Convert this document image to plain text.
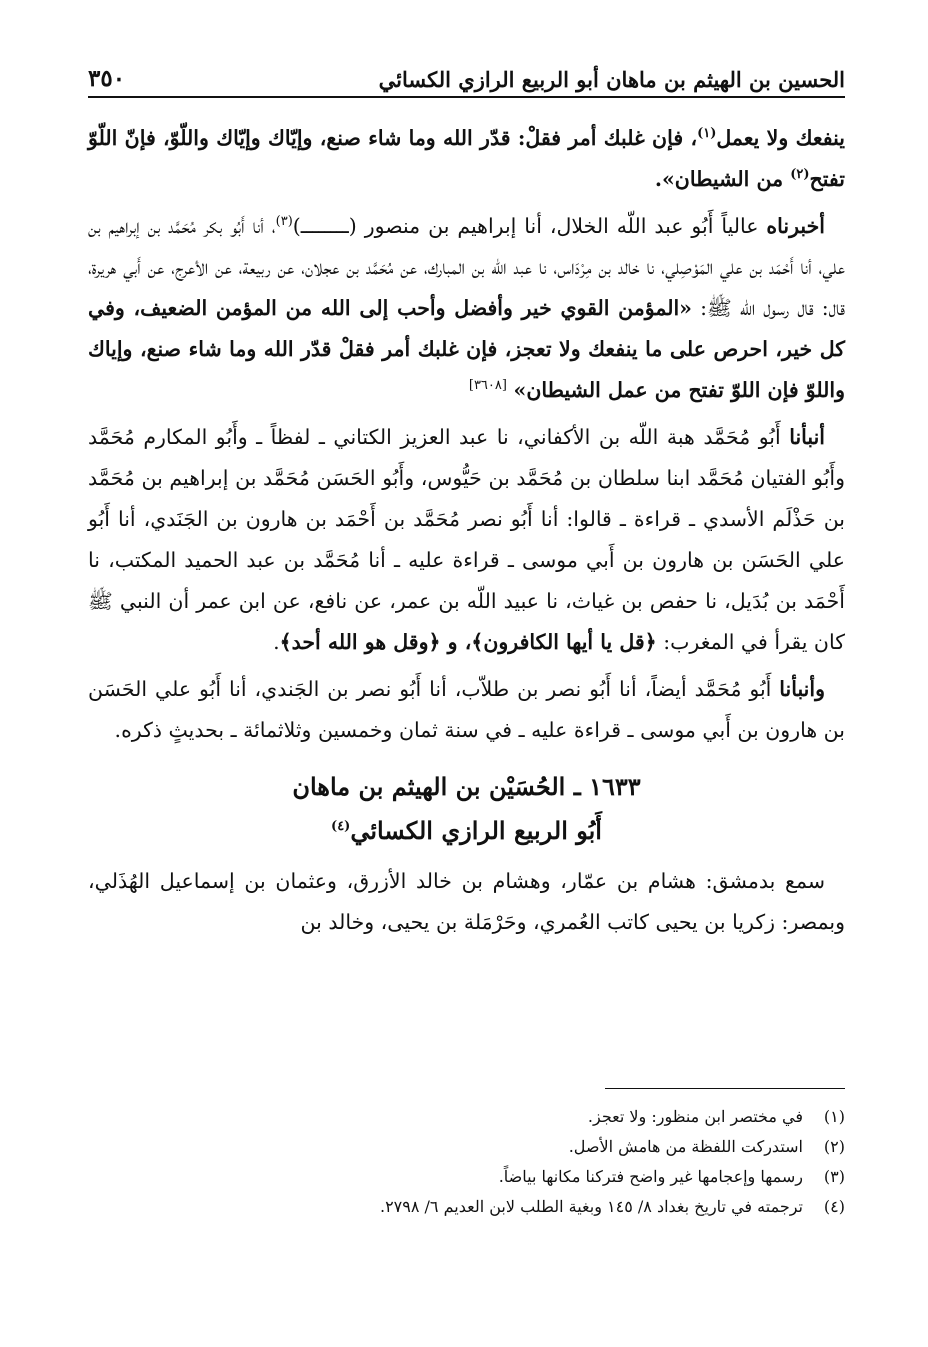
الحسين بن الهيثم بن ماهان أبو الربيع الرازي الكسائي
٣٥٠

ينفعك ولا يعمل$^{(١)}$، فإن غلبك أمر فقلْ: قدّر الله وما شاء صنع، وإيّاك وإيّاك واللّوّ، فإنّ اللّوّ تفتح$^{(٢)}$ من الشيطان».

أخبرناه عالياً أَبُو عبد اللّه الخلال، أنا إبراهيم بن منصور (ــــــــ)$^{(٣)}$، أنا أَبُو بكر مُحَمَّد بن إبراهيم بن علي، أنا أَحْمَد بن علي المَوْصِلي، نا خالد بن مِرْدَاس، نا عبد اللّه بن المبارك، عن مُحَمَّد بن عجلان، عن ربيعة، عن الأعرج، عن أَبي هريرة، قال: قال رسول الله ﷺ: «المؤمن القوي خير وأفضل وأحب إلى الله من المؤمن الضعيف، وفي كل خير، احرص على ما ينفعك ولا تعجز، فإن غلبك أمر فقلْ قدّر الله وما شاء صنع، وإياك واللوّ فإن اللوّ تفتح من عمل الشيطان» [٣٦٠٨]

أنبأنا أَبُو مُحَمَّد هبة اللّه بن الأكفاني، نا عبد العزيز الكتاني ـ لفظاً ـ وأَبُو المكارم مُحَمَّد وأَبُو الفتيان مُحَمَّد ابنا سلطان بن مُحَمَّد بن حَيُّوس، وأَبُو الحَسَن مُحَمَّد بن إبراهيم بن مُحَمَّد بن حَذْلَم الأسدي ـ قراءة ـ قالوا: أنا أَبُو نصر مُحَمَّد بن أَحْمَد بن هارون بن الجَنَدي، أنا أَبُو علي الحَسَن بن هارون بن أَبي موسى ـ قراءة عليه ـ أنا مُحَمَّد بن عبد الحميد المكتب، نا أَحْمَد بن بُدَيل، نا حفص بن غياث، نا عبيد اللّه بن عمر، عن نافع، عن ابن عمر أن النبي ﷺ كان يقرأ في المغرب: ﴿قل يا أيها الكافرون﴾، و ﴿وقل هو الله أحد﴾.

وأنبأنا أَبُو مُحَمَّد أيضاً، أنا أَبُو نصر بن طلاّب، أنا أَبُو نصر بن الجَندي، أنا أَبُو علي الحَسَن بن هارون بن أَبي موسى ـ قراءة عليه ـ في سنة ثمان وخمسين وثلاثمائة ـ بحديثٍ ذكره.

١٦٣٣ ـ الحُسَيْن بن الهيثم بن ماهان
أَبُو الربيع الرازي الكسائي$^{(٤)}$

سمع بدمشق: هشام بن عمّار، وهشام بن خالد الأزرق، وعثمان بن إسماعيل الهُذَلي، وبمصر: زكريا بن يحيى كاتب العُمري، وحَرْمَلة بن يحيى، وخالد بن

(١)
في مختصر ابن منظور: ولا تعجز.
(٢)
استدركت اللفظة من هامش الأصل.
(٣)
رسمها وإعجامها غير واضح فتركنا مكانها بياضاً.
(٤)
ترجمته في تاريخ بغداد ٨/ ١٤٥ وبغية الطلب لابن العديم ٦/ ٢٧٩٨.
